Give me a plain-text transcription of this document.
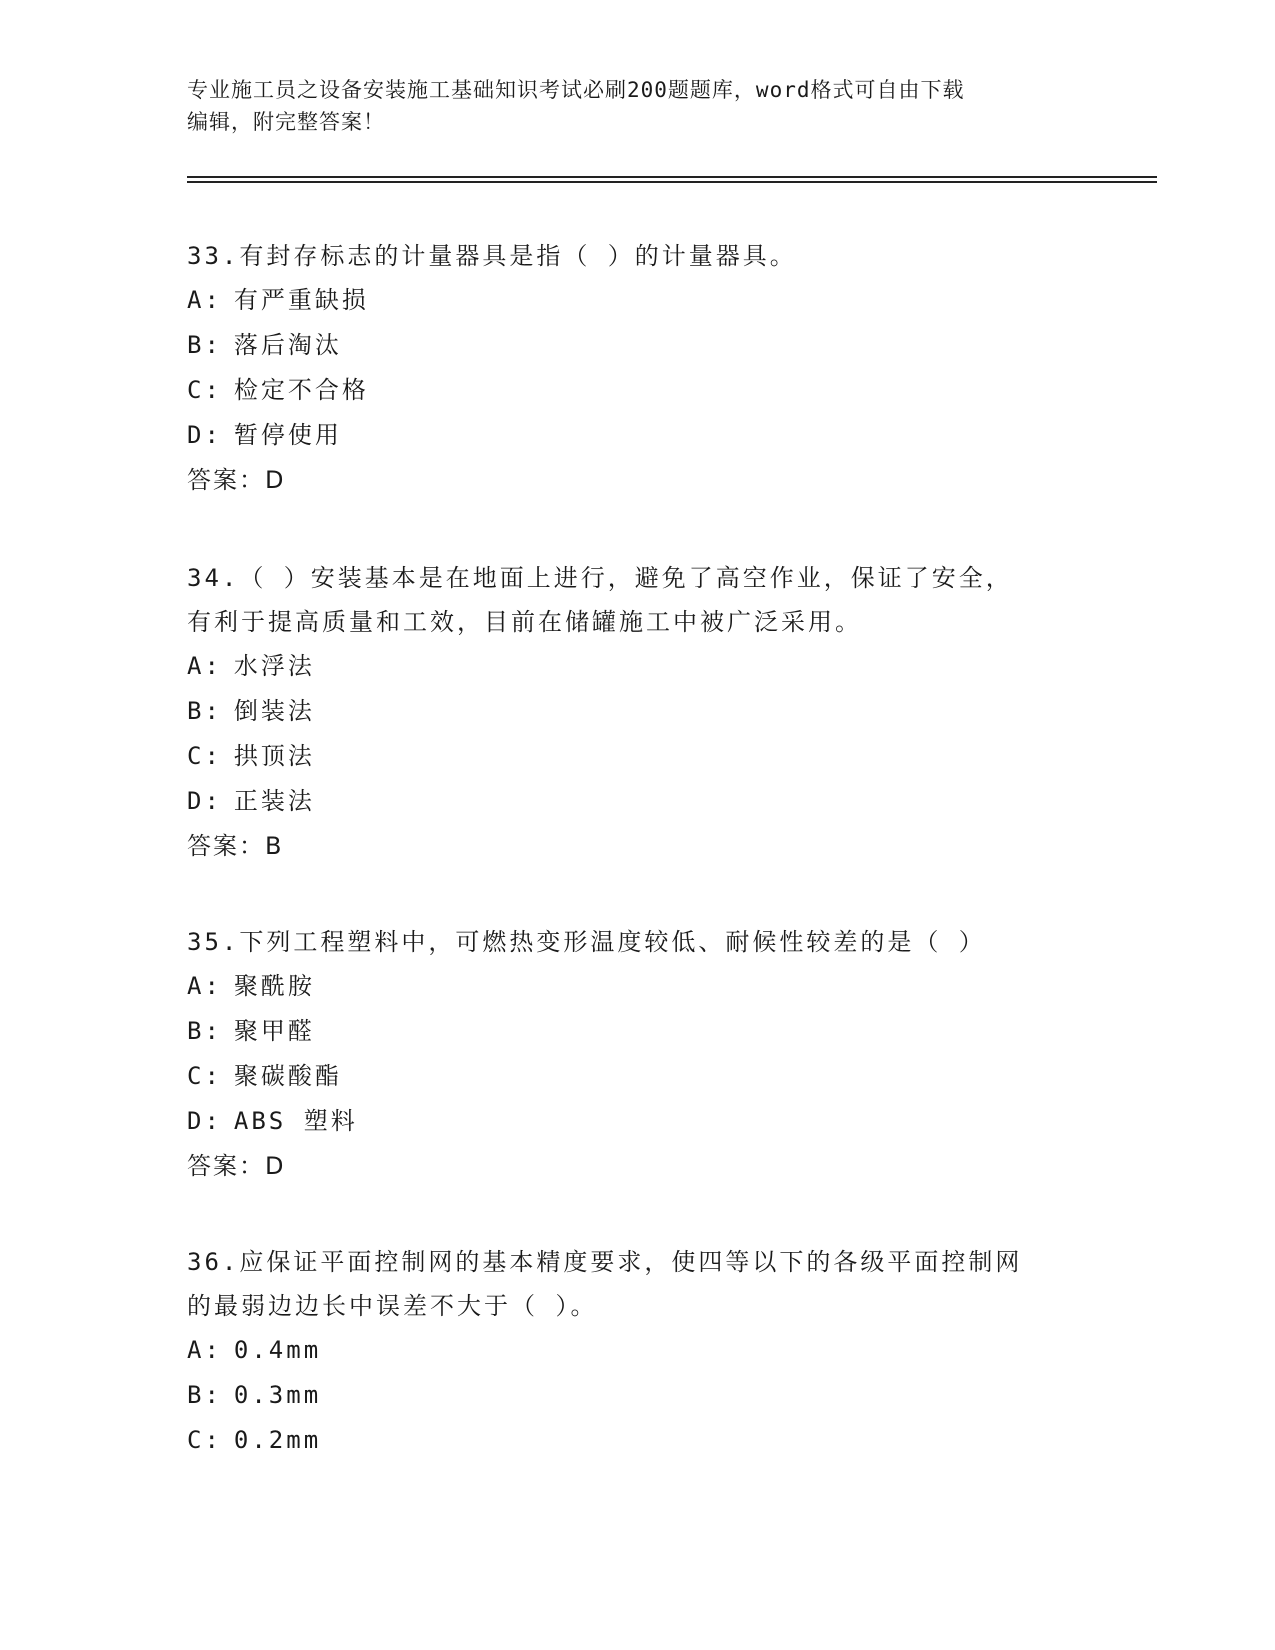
专业施工员之设备安装施工基础知识考试必刷200题题库，word格式可自由下载
编辑，附完整答案！

33.有封存标志的计量器具是指（ ）的计量器具。

A: 有严重缺损

B: 落后淘汰

C: 检定不合格

D: 暂停使用

答案：D

34.（ ）安装基本是在地面上进行，避免了高空作业，保证了安全，

有利于提高质量和工效，目前在储罐施工中被广泛采用。

A: 水浮法

B: 倒装法

C: 拱顶法

D: 正装法

答案：B

35.下列工程塑料中，可燃热变形温度较低、耐候性较差的是（ ）

A: 聚酰胺

B: 聚甲醛

C: 聚碳酸酯

D: ABS 塑料

答案：D

36.应保证平面控制网的基本精度要求，使四等以下的各级平面控制网

的最弱边边长中误差不大于（ ）。

A: 0.4mm

B: 0.3mm

C: 0.2mm
